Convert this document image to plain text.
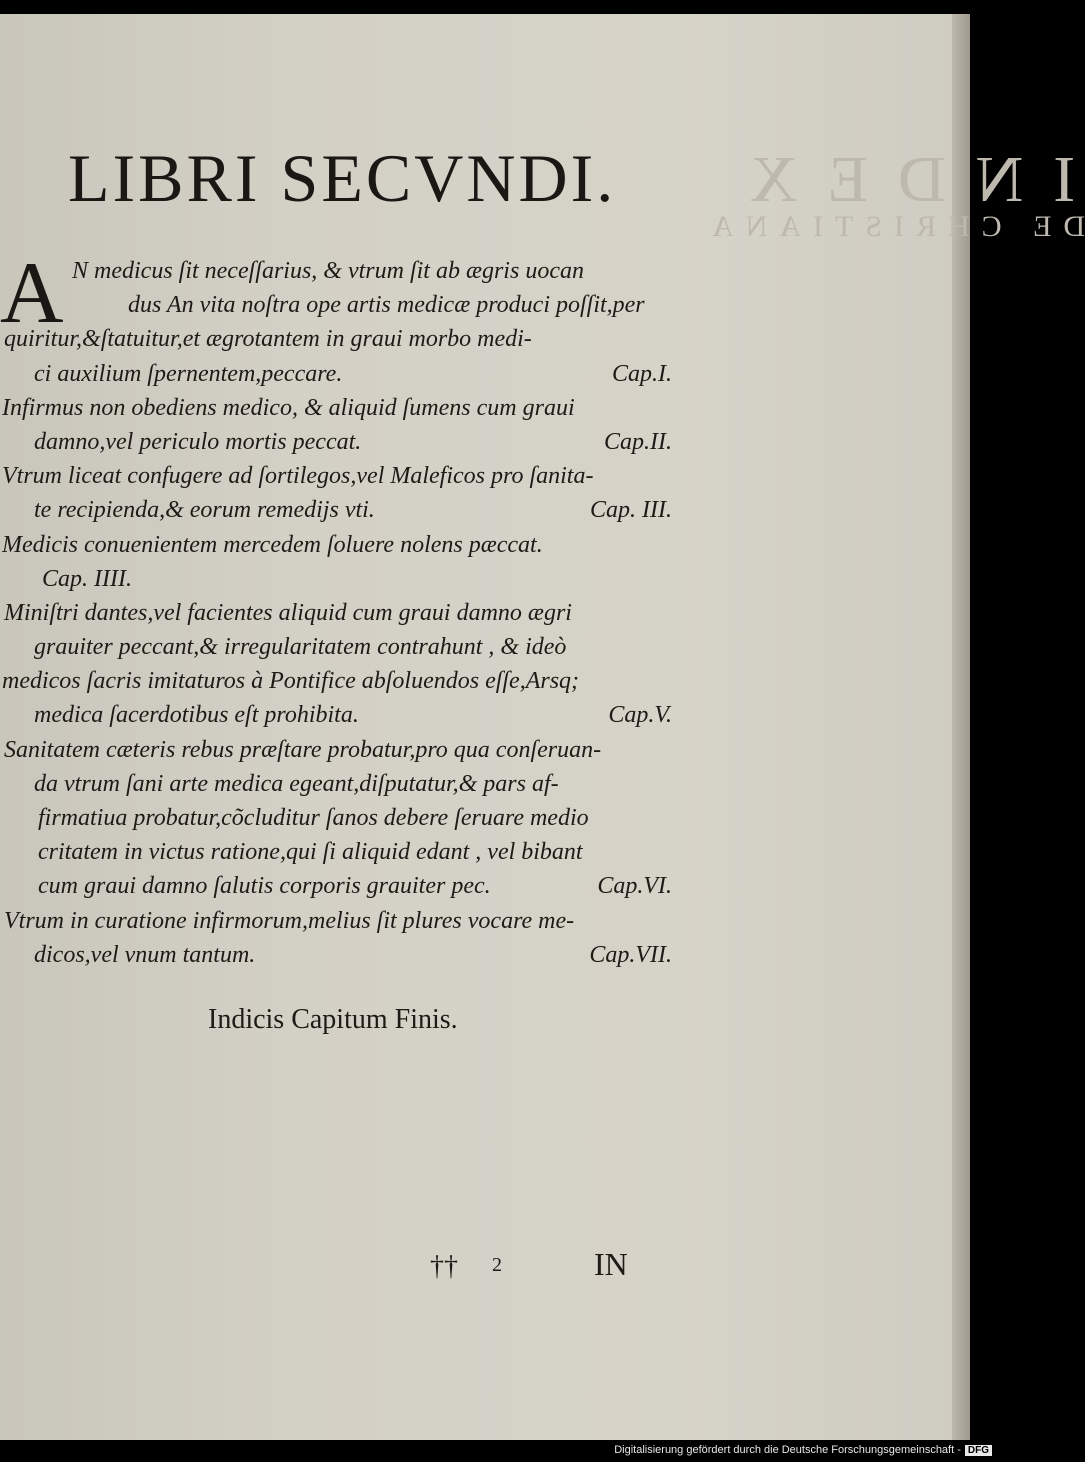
INDEX
DE CHRISTIANA
LIBRI SECVNDI.
A N medicus ſit neceſſarius, & vtrum ſit ab ægris uocan
dus An vita noſtra ope artis medicæ produci poſſit,per
quiritur,&ſtatuitur,et ægrotantem in graui morbo medi-
ci auxilium ſpernentem,peccare.	Cap.I.
Infirmus non obediens medico, & aliquid ſumens cum graui
damno,vel periculo mortis peccat.	Cap.II.
Vtrum liceat confugere ad ſortilegos,vel Maleficos pro ſanita-
te recipienda,& eorum remedijs vti.	Cap. III.
Medicis conuenientem mercedem ſoluere nolens pæccat.
Cap. IIII.
Miniſtri dantes,vel facientes aliquid cum graui damno ægri
grauiter peccant,& irregularitatem contrahunt , & ideò
medicos ſacris imitaturos à Pontifice abſoluendos eſſe,Arsq;
medica ſacerdotibus eſt prohibita.	Cap.V.
Sanitatem cæteris rebus præſtare probatur,pro qua conſeruan-
da vtrum ſani arte medica egeant,diſputatur,& pars af-
firmatiua probatur,cõcluditur ſanos debere ſeruare medio
critatem in victus ratione,qui ſi aliquid edant , vel bibant
cum graui damno ſalutis corporis grauiter pec.	Cap.VI.
Vtrum in curatione infirmorum,melius ſit plures vocare me-
dicos,vel vnum tantum.	Cap.VII.

Indicis Capitum Finis.

†† 2	IN
Digitalisierung gefördert durch die Deutsche Forschungsgemeinschaft - DFG
